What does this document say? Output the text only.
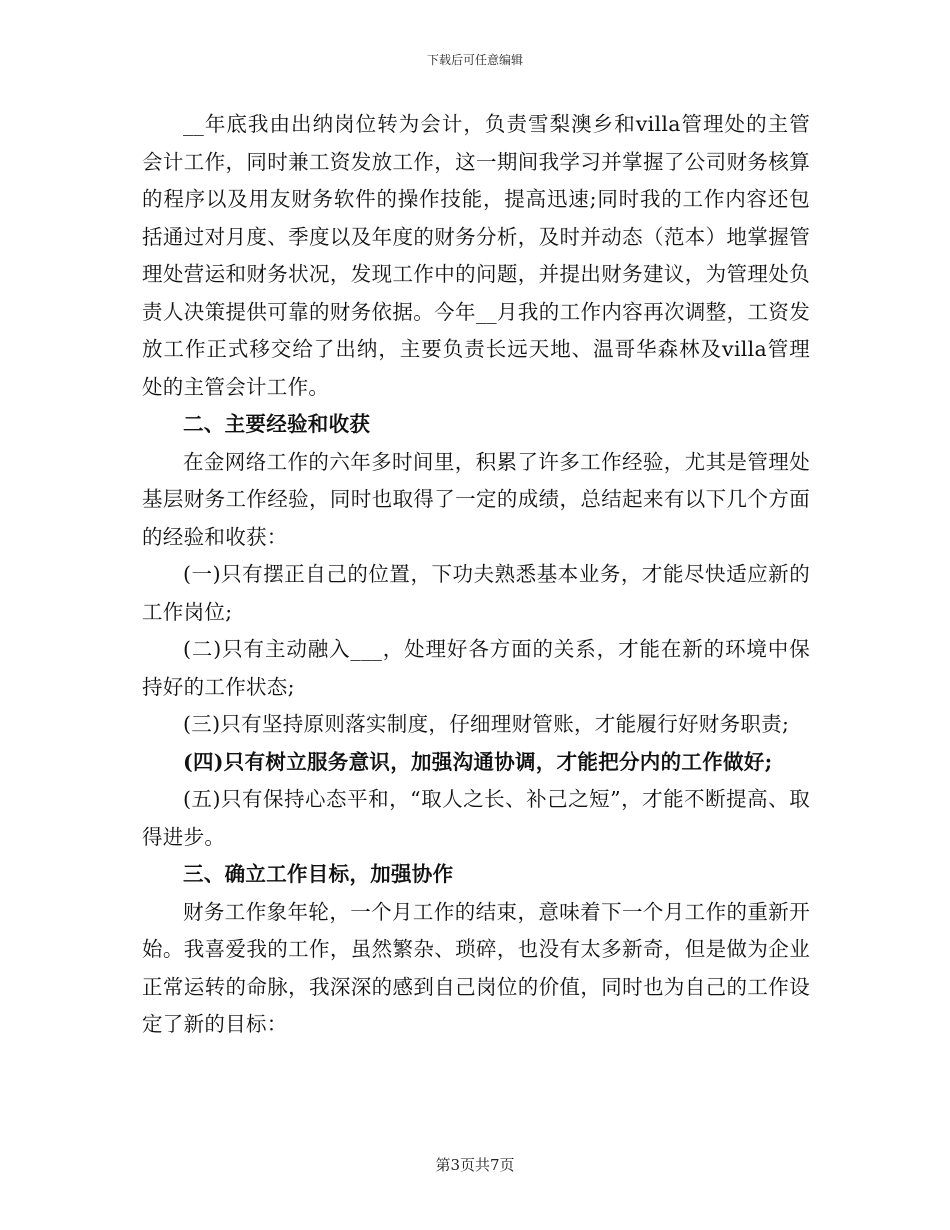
下载后可任意编辑

__年底我由出纳岗位转为会计，负责雪梨澳乡和villa管理处的主管会计工作，同时兼工资发放工作，这一期间我学习并掌握了公司财务核算的程序以及用友财务软件的操作技能，提高迅速;同时我的工作内容还包括通过对月度、季度以及年度的财务分析，及时并动态（范本）地掌握管理处营运和财务状况，发现工作中的问题，并提出财务建议，为管理处负责人决策提供可靠的财务依据。今年__月我的工作内容再次调整，工资发放工作正式移交给了出纳，主要负责长远天地、温哥华森林及villa管理处的主管会计工作。

二、主要经验和收获

在金网络工作的六年多时间里，积累了许多工作经验，尤其是管理处基层财务工作经验，同时也取得了一定的成绩，总结起来有以下几个方面的经验和收获：

(一)只有摆正自己的位置，下功夫熟悉基本业务，才能尽快适应新的工作岗位;

(二)只有主动融入___，处理好各方面的关系，才能在新的环境中保持好的工作状态;

(三)只有坚持原则落实制度，仔细理财管账，才能履行好财务职责;

(四)只有树立服务意识，加强沟通协调，才能把分内的工作做好;

(五)只有保持心态平和，“取人之长、补己之短”，才能不断提高、取得进步。

三、确立工作目标，加强协作

财务工作象年轮，一个月工作的结束，意味着下一个月工作的重新开始。我喜爱我的工作，虽然繁杂、琐碎，也没有太多新奇，但是做为企业正常运转的命脉，我深深的感到自己岗位的价值，同时也为自己的工作设定了新的目标：

第3页共7页
